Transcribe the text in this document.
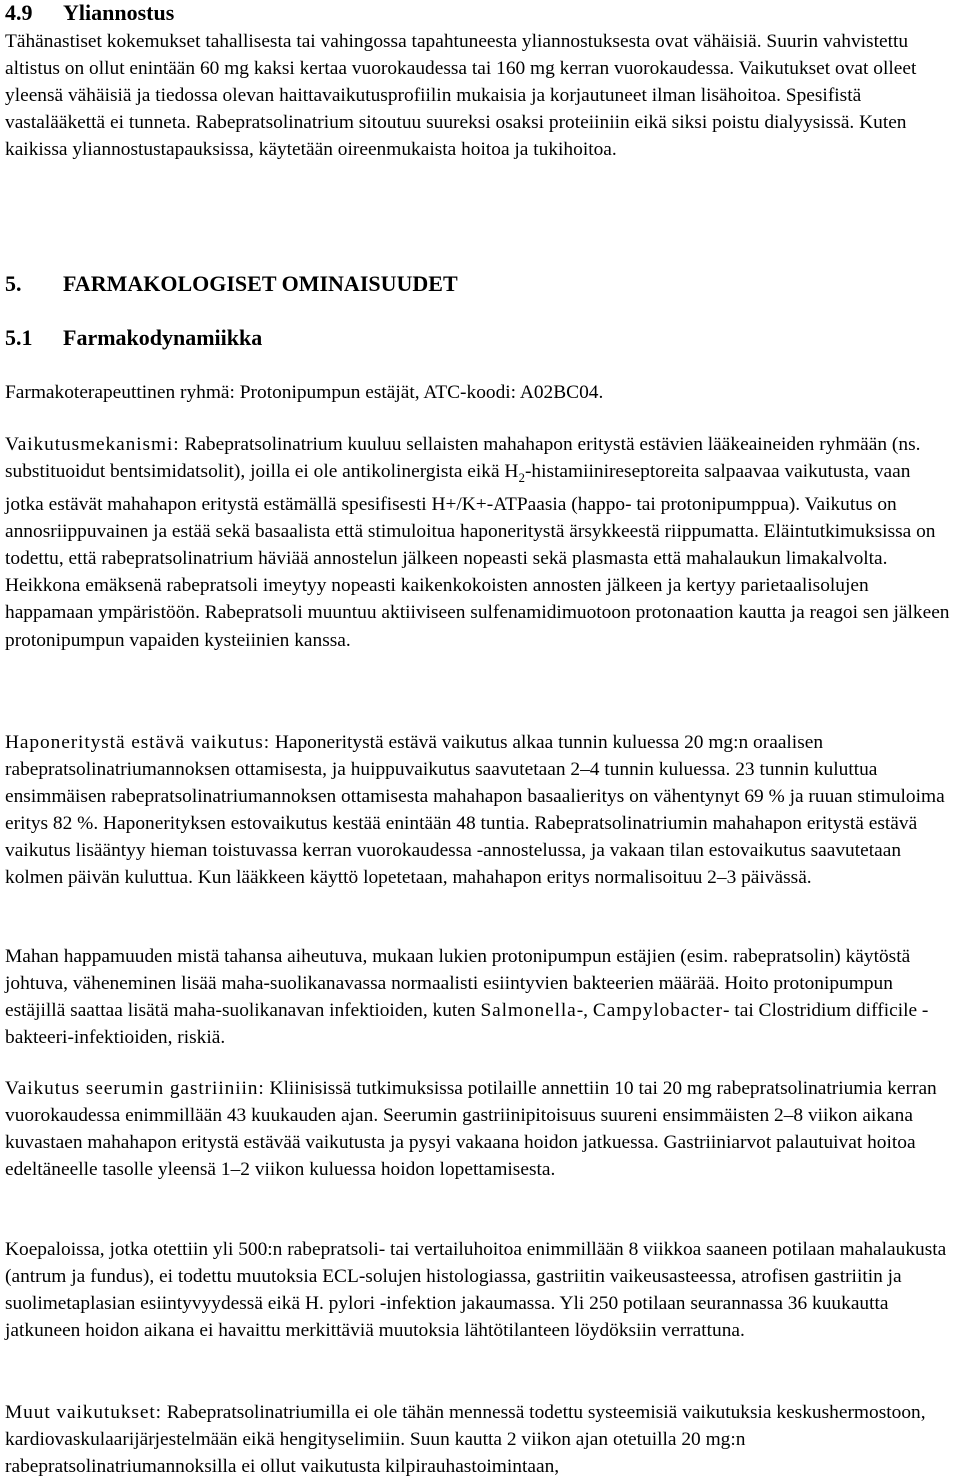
4.9 Yliannostus

Tähänastiset kokemukset tahallisesta tai vahingossa tapahtuneesta yliannostuksesta ovat vähäisiä. Suurin vahvistettu altistus on ollut enintään 60 mg kaksi kertaa vuorokaudessa tai 160 mg kerran vuorokaudessa. Vaikutukset ovat olleet yleensä vähäisiä ja tiedossa olevan haittavaikutusprofiilin mukaisia ja korjautuneet ilman lisähoitoa. Spesifistä vastalääkettä ei tunneta. Rabepratsolinatrium sitoutuu suureksi osaksi proteiiniin eikä siksi poistu dialyysissä. Kuten kaikissa yliannostustapauksissa, käytetään oireenmukaista hoitoa ja tukihoitoa.

5. FARMAKOLOGISET OMINAISUUDET
5.1 Farmakodynamiikka

Farmakoterapeuttinen ryhmä: Protonipumpun estäjät, ATC-koodi: A02BC04.

Vaikutusmekanismi: Rabepratsolinatrium kuuluu sellaisten mahahapon eritystä estävien lääkeaineiden ryhmään (ns. substituoidut bentsimidatsolit), joilla ei ole antikolinergista eikä $H_2$-histamiinireseptoreita salpaavaa vaikutusta, vaan jotka estävät mahahapon eritystä estämällä spesifisesti H+/K+-ATPaasia (happo- tai protonipumppua). Vaikutus on annosriippuvainen ja estää sekä basaalista että stimuloitua haponeritystä ärsykkeestä riippumatta. Eläintutkimuksissa on todettu, että rabepratsolinatrium häviää annostelun jälkeen nopeasti sekä plasmasta että mahalaukun limakalvolta. Heikkona emäksenä rabepratsoli imeytyy nopeasti kaikenkokoisten annosten jälkeen ja kertyy parietaalisolujen happamaan ympäristöön. Rabepratsoli muuntuu aktiiviseen sulfenamidimuotoon protonaation kautta ja reagoi sen jälkeen protonipumpun vapaiden kysteiinien kanssa.

Haponeritystä estävä vaikutus: Haponeritystä estävä vaikutus alkaa tunnin kuluessa 20 mg:n oraalisen rabepratsolinatriumannoksen ottamisesta, ja huippuvaikutus saavutetaan 2–4 tunnin kuluessa. 23 tunnin kuluttua ensimmäisen rabepratsolinatriumannoksen ottamisesta mahahapon basaalieritys on vähentynyt 69 % ja ruuan stimuloima eritys 82 %. Haponerityksen estovaikutus kestää enintään 48 tuntia. Rabepratsolinatriumin mahahapon eritystä estävä vaikutus lisääntyy hieman toistuvassa kerran vuorokaudessa -annostelussa, ja vakaan tilan estovaikutus saavutetaan kolmen päivän kuluttua. Kun lääkkeen käyttö lopetetaan, mahahapon eritys normalisoituu 2–3 päivässä.

Mahan happamuuden mistä tahansa aiheutuva, mukaan lukien protonipumpun estäjien (esim. rabepratsolin) käytöstä johtuva, väheneminen lisää maha-suolikanavassa normaalisti esiintyvien bakteerien määrää. Hoito protonipumpun estäjillä saattaa lisätä maha-suolikanavan infektioiden, kuten Salmonella-, Campylobacter- tai Clostridium difficile -bakteeri-infektioiden, riskiä.

Vaikutus seerumin gastriiniin: Kliinisissä tutkimuksissa potilaille annettiin 10 tai 20 mg rabepratsolinatriumia kerran vuorokaudessa enimmillään 43 kuukauden ajan. Seerumin gastriinipitoisuus suureni ensimmäisten 2–8 viikon aikana kuvastaen mahahapon eritystä estävää vaikutusta ja pysyi vakaana hoidon jatkuessa. Gastriiniarvot palautuivat hoitoa edeltäneelle tasolle yleensä 1–2 viikon kuluessa hoidon lopettamisesta.

Koepaloissa, jotka otettiin yli 500:n rabepratsoli- tai vertailuhoitoa enimmillään 8 viikkoa saaneen potilaan mahalaukusta (antrum ja fundus), ei todettu muutoksia ECL-solujen histologiassa, gastriitin vaikeusasteessa, atrofisen gastriitin ja suolimetaplasian esiintyvyydessä eikä H. pylori -infektion jakaumassa. Yli 250 potilaan seurannassa 36 kuukautta jatkuneen hoidon aikana ei havaittu merkittäviä muutoksia lähtötilanteen löydöksiin verrattuna.

Muut vaikutukset: Rabepratsolinatriumilla ei ole tähän mennessä todettu systeemisiä vaikutuksia keskushermostoon, kardiovaskulaarijärjestelmään eikä hengityselimiin. Suun kautta 2 viikon ajan otetuilla 20 mg:n rabepratsolinatriumannoksilla ei ollut vaikutusta kilpirauhastoimintaan,
